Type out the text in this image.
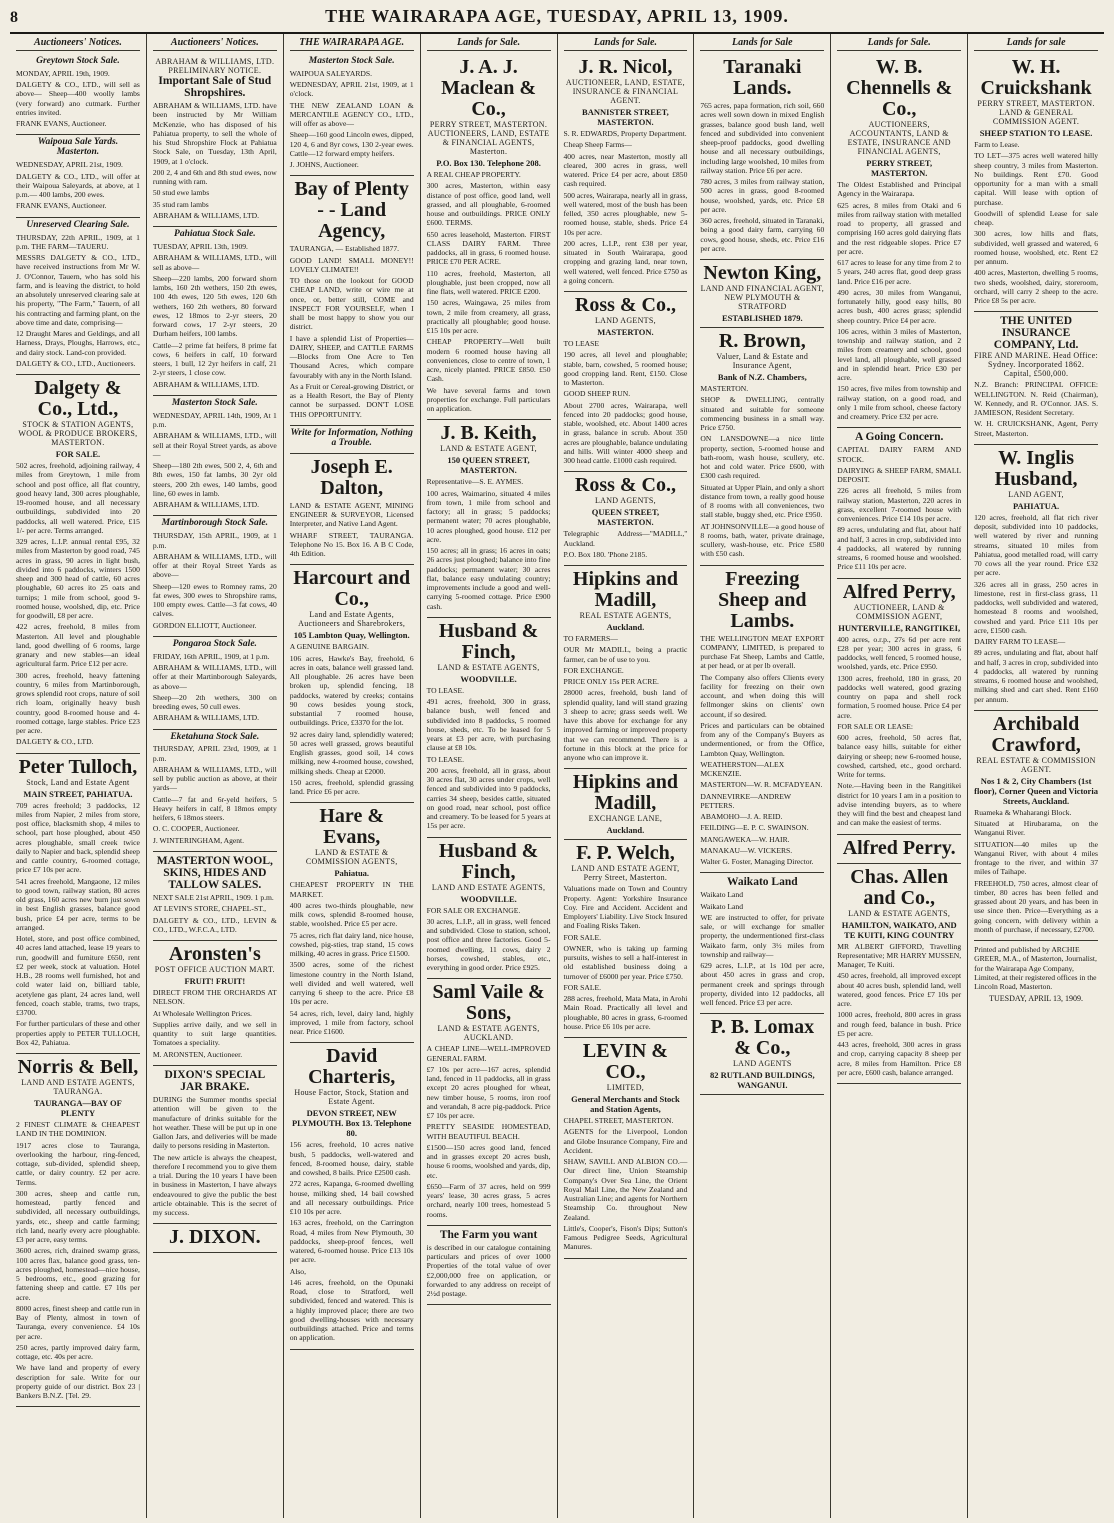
8	THE WAIRARAPA AGE, TUESDAY, APRIL 13, 1909.
Auctioneers' Notices.
Greytown Stock Sale.
MONDAY, APRIL 19th, 1909.
DALGETY & CO., LTD., will sell as above— Sheep—400 woolly lambs (very forward) ano cutmark. Further entries invited.
FRANK EVANS, Auctioneer.
Waipoua Sale Yards. Masterton.
WEDNESDAY, APRIL 21st, 1909.
DALGETY & CO., LTD., will offer at their Waipoua Saleyards, at above, at 1 p.m.— 400 lambs, 200 ewes.
FRANK EVANS, Auctioneer.
Unreserved Clearing Sale.
THURSDAY, 22th APRIL, 1909, at 1 p.m. THE FARM—TAUERU.
MESSRS DALGETY & CO., LTD., have received instructions from Mr W. J. O'Connor, Tauern, who has sold his farm, and is leaving the district, to hold an absolutely unreserved clearing sale at his property, "The Farm," Tauern, of all his contracting and farming plant, on the above time and date, comprising—
12 Draught Mares and Geldings, and all Harness, Drays, Ploughs, Harrows, etc., and dairy stock. Land-con provided.
DALGETY & CO., LTD., Auctioneers.
Dalgety & Co., Ltd.,
STOCK & STATION AGENTS, WOOL & PRODUCE BROKERS, MASTERTON.
FOR SALE.
502 acres, freehold, adjoining railway, 4 miles from Greytown, 1 mile from school and post office, all flat country, good heavy land, 300 acres ploughable, 19-roomed house, and all necessary outbuildings, subdivided into 20 paddocks, all well watered. Price, £15 1/- per acre. Terms arranged.
329 acres, L.I.P. annual rental £95, 32 miles from Masterton by good road, 745 acres in grass, 90 acres in light bush, divided into 6 paddocks, winters 1500 sheep and 300 head of cattle, 60 acres ploughable, 60 acres ito 25 oats and turnips; 1 mile from school, good 9-roomed house, woolshed, dip, etc. Price for goodwill, £8 per acre.
422 acres, freehold, 8 miles from Masterton. All level and ploughable land, good dwelling of 6 rooms, large granary and new stables—an ideal agricultural farm. Price £12 per acre.
300 acres, freehold, heavy fattening country, 6 miles from Martinborough, grows splendid root crops, nature of soil rich loam, originally heavy bush country, good 8-roomed house and 4-roomed cottage, large stables. Price £23 per acre.
DALGETY & CO., LTD.
Peter Tulloch,
Stock, Land and Estate Agent
MAIN STREET, PAHIATUA.
709 acres freehold; 3 paddocks, 12 miles from Napier, 2 miles from store, post office, blacksmith shop, 4 miles to school, part hose ploughed, about 450 acres ploughable, small creek twice daily to Napier and back, splendid sheep and cattle country, 6-roomed cottage, price £7 10s per acre.
541 acres freehold, Mangaone, 12 miles to good town, railway station, 80 acres old grass, 160 acres new burn just sown in best English grasses, balance good bush, price £4 per acre, terms to be arranged.
Hotel, store, and post office combined, 40 acres land attached, lease 19 years to run, goodwill and furniture £650, rent £2 per week, stock at valuation. Hotel H.B., 28 rooms well furnished, hot and cold water laid on, billiard table, acetylene gas plant, 24 acres land, well fenced, coach stable, trams, two traps, £3700.
For further particulars of these and other properties apply to PETER TULLOCH, Box 42, Pahiatua.
Norris & Bell,
LAND AND ESTATE AGENTS, TAURANGA.
TAURANGA—BAY OF PLENTY
2 FINEST CLIMATE & CHEAPEST LAND IN THE DOMINION.
1917 acres close to Tauranga, overlooking the harbour, ring-fenced, cottage, sub-divided, splendid sheep, cattle, or dairy country. £2 per acre. Terms.
300 acres, sheep and cattle run, homestead, partly fenced and subdivided, all necessary outbuildings, yards, etc., sheep and cattle farming; rich land, nearly every acre ploughable. £3 per acre, easy terms.
3600 acres, rich, drained swamp grass, 100 acres flax, balance good grass, ten-acres ploughed, homestead—nice house, 5 bedrooms, etc., good grazing for fattening sheep and cattle. £7 10s per acre.
8000 acres, finest sheep and cattle run in Bay of Plenty, almost in town of Tauranga, every convenience. £4 10s per acre.
250 acres, partly improved dairy farm, cottage, etc. 40s per acre.
We have land and property of every description for sale. Write for our property guide of our district. Box 23 | Bankers B.N.Z. [Tel. 29.
Auctioneers' Notices.
ABRAHAM & WILLIAMS, LTD. PRELIMINARY NOTICE.
Important Sale of Stud Shropshires.
ABRAHAM & WILLIAMS, LTD. have been instructed by Mr William McKenzie, who has disposed of his Pahiatua property, to sell the whole of his Stud Shropshire Flock at Pahiatua Stock Sale, on Tuesday, 13th April, 1909, at 1 o'clock.
200 2, 4 and 6th and 8th stud ewes, now running with ram.
50 stud ewe lambs
35 stud ram lambs
ABRAHAM & WILLIAMS, LTD.
Pahiatua Stock Sale.
TUESDAY, APRIL 13th, 1909.
ABRAHAM & WILLIAMS, LTD., will sell as above—
Sheep—220 lambs, 200 forward shorn lambs, 160 2th wethers, 150 2th ewes, 100 4th ewes, 120 5th ewes, 120 6th wethers, 160 2th wethers, 80 forward ewes, 12 18mos to 2-yr steers, 20 forward cows, 17 2-yr steers, 20 Durham heifers, 100 lambs.
Cattle—2 prime fat heifers, 8 prime fat cows, 6 heifers in calf, 10 forward steers, 1 bull, 12 2yr heifers in calf, 21 2-yr steers, 1 close cow.
ABRAHAM & WILLIAMS, LTD.
Masterton Stock Sale.
WEDNESDAY, APRIL 14th, 1909, At 1 p.m.
ABRAHAM & WILLIAMS, LTD., will sell at their Royal Street yards, as above—
Sheep—180 2th ewes, 500 2, 4, 6th and 8th ewes, 150 fat lambs, 30 2yr old steers, 200 2th ewes, 140 lambs, good line, 60 ewes in lamb.
ABRAHAM & WILLIAMS, LTD.
Martinborough Stock Sale.
THURSDAY, 15th APRIL, 1909, at 1 p.m.
ABRAHAM & WILLIAMS, LTD., will offer at their Royal Street Yards as above—
Sheep—120 ewes to Romney rams, 20 fat ewes, 300 ewes to Shropshire rams, 100 empty ewes. Cattle—3 fat cows, 40 calves.
GORDON ELLIOTT, Auctioneer.
Pongaroa Stock Sale.
FRIDAY, 16th APRIL, 1909, at 1 p.m.
ABRAHAM & WILLIAMS, LTD., will offer at their Martinborough Saleyards, as above—
Sheep—20 2th wethers, 300 on breeding ewes, 50 cull ewes.
ABRAHAM & WILLIAMS, LTD.
Eketahuna Stock Sale.
THURSDAY, APRIL 23rd, 1909, at 1 p.m.
ABRAHAM & WILLIAMS, LTD., will sell by public auction as above, at their yards—
Cattle—7 fat and 6r-yeld heifers, 5 Heavy heifers in calf, 8 18mos empty heifers, 6 18mos steers.
O. C. COOPER, Auctioneer.
J. WINTERINGHAM, Agent.
MASTERTON WOOL, SKINS, HIDES AND TALLOW SALES.
NEXT SALE 21st APRIL, 1909. 1 p.m.
AT LEVIN'S STORE, CHAPEL-ST.,
DALGETY & CO., LTD., LEVIN & CO., LTD., W.F.C.A., LTD.
Aronsten's
POST OFFICE AUCTION MART.
FRUIT! FRUIT!
DIRECT FROM THE ORCHARDS AT NELSON.
At Wholesale Wellington Prices.
Supplies arrive daily, and we sell in quantity to suit large quantities. Tomatoes a speciality.
M. ARONSTEN, Auctioneer.
DIXON'S SPECIAL JAR BRAKE.
DURING the Summer months special attention will be given to the manufacture of drinks suitable for the hot weather. These will be put up in one Gallon Jars, and deliveries will be made daily to persons residing in Masterton.
The new article is always the cheapest, therefore I recommend you to give them a trial. During the 10 years I have been in business in Masterton, I have always endeavoured to give the public the best article obtainable. This is the secret of my success.
J. DIXON.
THE WAIRARAPA AGE.
Masterton Stock Sale.
WAIPOUA SALEYARDS.
WEDNESDAY, APRIL 21st, 1909, at 1 o'clock.
THE NEW ZEALAND LOAN & MERCANTILE AGENCY CO., LTD., will offer as above—
Sheep—160 good Lincoln ewes, dipped, 120 4, 6 and 8yr cows, 130 2-year ewes. Cattle—12 forward empty heifers.
J. JOHNS, Auctioneer.
Bay of Plenty - - Land Agency,
TAURANGA, — Established 1877.
GOOD LAND! SMALL MONEY!! LOVELY CLIMATE!!
TO those on the lookout for GOOD CHEAP LAND, write or wire me at once, or, better still, COME and INSPECT FOR YOURSELF, when I shall be most happy to show you our district.
I have a splendid List of Properties—DAIRY, SHEEP, and CATTLE FARMS—Blocks from One Acre to Ten Thousand Acres, which compare favourably with any in the North Island.
As a Fruit or Cereal-growing District, or as a Health Resort, the Bay of Plenty cannot be surpassed. DON'T LOSE THIS OPPORTUNITY.
Write for Information, Nothing a Trouble.
Joseph E. Dalton,
LAND & ESTATE AGENT, MINING ENGINEER & SURVEYOR, Licensed Interpreter, and Native Land Agent.
WHARF STREET, TAURANGA. Telephone No 15. Box 16. A B C Code, 4th Edition.
Harcourt and Co.,
Land and Estate Agents, Auctioneers and Sharebrokers,
105 Lambton Quay, Wellington.
A GENUINE BARGAIN.
106 acres, Hawke's Bay, freehold, 6 acres in oats, balance well grassed land. All ploughable. 26 acres have been broken up, splendid fencing, 18 paddocks, watered by creeks; contains 90 cows besides young stock, substantial 7 roomed house, outbuildings. Price, £3370 for the lot.
92 acres dairy land, splendidly watered; 50 acres well grassed, grows beautiful English grasses, good soil, 14 cows milking, new 4-roomed house, cowshed, milking sheds. Cheap at £2000.
150 acres, freehold, splendid grassing land. Price £6 per acre.
Hare & Evans,
LAND & ESTATE & COMMISSION AGENTS,
Pahiatua.
CHEAPEST PROPERTY IN THE MARKET.
400 acres two-thirds ploughable, new milk cows, splendid 8-roomed house, stable, woolshed. Price £5 per acre.
75 acres, rich flat dairy land, nice house, cowshed, pig-sties, trap stand, 15 cows milking, 40 acres in grass. Price £1500.
3500 acres, some of the richest limestone country in the North Island, well divided and well watered, well carrying 6 sheep to the acre. Price £8 10s per acre.
54 acres, rich, level, dairy land, highly improved, 1 mile from factory, school near. Price £1600.
David Charteris,
House Factor, Stock, Station and Estate Agent.
DEVON STREET, NEW PLYMOUTH. Box 13. Telephone 80.
156 acres, freehold, 10 acres native bush, 5 paddocks, well-watered and fenced, 8-roomed house, dairy, stable and cowshed, 8 bails. Price £2500 cash.
272 acres, Kapanga, 6-roomed dwelling house, milking shed, 14 bail cowshed and all necessary outbuildings. Price £10 10s per acre.
163 acres, freehold, on the Carrington Road, 4 miles from New Plymouth, 30 paddocks, sheep-proof fences, well watered, 6-roomed house. Price £13 10s per acre.
Also,
146 acres, freehold, on the Opunaki Road, close to Stratford, well subdivided, fenced and watered. This is a highly improved place; there are two good dwelling-houses with necessary outbuildings attached. Price and terms on application.
Lands for Sale.
J. A. J. Maclean & Co.,
PERRY STREET, MASTERTON. AUCTIONEERS, LAND, ESTATE & FINANCIAL AGENTS, Masterton.
P.O. Box 130. Telephone 208.
A REAL CHEAP PROPERTY.
300 acres, Masterton, within easy distance of post office, good land, well grassed, and all ploughable, 6-roomed house and outbuildings. PRICE ONLY £600. TERMS.
650 acres leasehold, Masterton. FIRST CLASS DAIRY FARM. Three paddocks, all in grass, 6 roomed house. PRICE £70 PER ACRE.
110 acres, freehold, Masterton, all ploughable, just been cropped, now all fine flats, well watered. PRICE £200.
150 acres, Waingawa, 25 miles from town, 2 mile from creamery, all grass, practically all ploughable; good house. £15 10s per acre.
CHEAP PROPERTY—Well built modern 6 roomed house having all conveniences, close to centre of town, 1 acre, nicely planted. PRICE £850. £50 Cash.
We have several farms and town properties for exchange. Full particulars on application.
J. B. Keith,
LAND & ESTATE AGENT,
150 QUEEN STREET, MASTERTON.
Representative—S. E. AYMES.
100 acres, Waimarino, situated 4 miles from town, 1 mile from school and factory; all in grass; 5 paddocks; permanent water; 70 acres ploughable, 10 acres ploughed, good house. £12 per acre.
150 acres; all in grass; 16 acres in oats; 26 acres just ploughed; balance into fine paddocks; permanent water; 30 acres flat, balance easy undulating country; improvements include a good and well-carrying 5-roomed cottage. Price £900 cash.
Husband & Finch,
LAND & ESTATE AGENTS,
WOODVILLE.
TO LEASE.
491 acres, freehold, 300 in grass, balance bush, well fenced and subdivided into 8 paddocks, 5 roomed house, sheds, etc. To be leased for 5 years at £3 per acre, with purchasing clause at £8 10s.
TO LEASE.
200 acres, freehold, all in grass, about 30 acres flat, 30 acres under crops, well fenced and subdivided into 9 paddocks, carries 34 sheep, besides cattle, situated on good road, near school, post office and creamery. To be leased for 5 years at 15s per acre.
Husband & Finch,
LAND AND ESTATE AGENTS,
WOODVILLE.
FOR SALE OR EXCHANGE.
30 acres, L.I.P., all in grass, well fenced and subdivided. Close to station, school, post office and three factories. Good 5-roomed dwelling, 11 cows, dairy 2 horses, cowshed, stables, etc., everything in good order. Price £925.
Saml Vaile & Sons,
LAND & ESTATE AGENTS, AUCKLAND.
A CHEAP LINE—WELL-IMPROVED GENERAL FARM.
£7 10s per acre—167 acres, splendid land, fenced in 11 paddocks, all in grass except 20 acres ploughed for wheat, new timber house, 5 rooms, iron roof and verandah, 8 acre pig-paddock. Price £7 10s per acre.
PRETTY SEASIDE HOMESTEAD, WITH BEAUTIFUL BEACH.
£1500—150 acres good land, fenced and in grasses except 20 acres bush, house 6 rooms, woolshed and yards, dip, etc.
£650—Farm of 37 acres, held on 999 years' lease, 30 acres grass, 5 acres orchard, nearly 100 trees, homestead 5 rooms.
The Farm you want
is described in our catalogue containing particulars and prices of over 1000 Properties of the total value of over £2,000,000 free on application, or forwarded to any address on receipt of 2½d postage.
Lands for Sale.
J. R. Nicol,
AUCTIONEER, LAND, ESTATE, INSURANCE & FINANCIAL AGENT.
BANNISTER STREET, MASTERTON.
S. R. EDWARDS, Property Department.
Cheap Sheep Farms—
400 acres, near Masterton, mostly all cleared, 300 acres in grass, well watered. Price £4 per acre, about £850 cash required.
500 acres, Wairarapa, nearly all in grass, well watered, most of the bush has been felled, 350 acres ploughable, new 5-roomed house, stable, sheds. Price £4 10s per acre.
200 acres, L.I.P., rent £38 per year, situated in South Wairarapa, good cropping and grazing land, near town, well watered, well fenced. Price £750 as a going concern.
Ross & Co.,
LAND AGENTS,
MASTERTON.
TO LEASE
190 acres, all level and ploughable; stable, barn, cowshed, 5 roomed house; good cropping land. Rent, £150. Close to Masterton.
GOOD SHEEP RUN.
About 2700 acres, Wairarapa, well fenced into 20 paddocks; good house, stable, woolshed, etc. About 1400 acres in grass, balance in scrub. About 350 acres are ploughable, balance undulating and hills. Will winter 4000 sheep and 300 head cattle. £1000 cash required.
Ross & Co.,
LAND AGENTS,
QUEEN STREET, MASTERTON.
Telegraphic Address—"MADILL," Auckland.
P.O. Box 180. 'Phone 2185.
Hipkins and Madill,
REAL ESTATE AGENTS,
Auckland.
TO FARMERS—
OUR Mr MADILL, being a practic farmer, can be of use to you.
FOR EXCHANGE.
PRICE ONLY 15s PER ACRE.
28000 acres, freehold, bush land of splendid quality, land will stand grazing 3 sheep to acre; grass seeds well. We have this above for exchange for any improved farming or improved property that we can recommend. There is a fortune in this block at the price for anyone who can improve it.
Hipkins and Madill,
EXCHANGE LANE,
Auckland.
F. P. Welch,
LAND AND ESTATE AGENT, Perry Street, Masterton.
Valuations made on Town and Country Property. Agent: Yorkshire Insurance Coy. Fire and Accident. Accident and Employers' Liability. Live Stock Insured and Foaling Risks Taken.
FOR SALE.
OWNER, who is taking up farming pursuits, wishes to sell a half-interest in old established business doing a turnover of £6000 per year. Price £750.
FOR SALE.
288 acres, freehold, Mata Mata, in Arohi Main Road. Practically all level and ploughable, 80 acres in grass, 6-roomed house. Price £6 10s per acre.
LEVIN & CO.,
LIMITED,
General Merchants and Stock and Station Agents,
CHAPEL STREET, MASTERTON.
AGENTS for the Liverpool, London and Globe Insurance Company, Fire and Accident.
SHAW, SAVILL AND ALBION CO.—Our direct line, Union Steamship Company's Over Sea Line, the Orient Royal Mail Line, the New Zealand and Australian Line; and agents for Northern Steamship Co. throughout New Zealand.
Little's, Cooper's, Fison's Dips; Sutton's Famous Pedigree Seeds, Agricultural Manures.
Lands for Sale
Taranaki Lands.
765 acres, papa formation, rich soil, 660 acres well sown down in mixed English grasses, balance good bush land, well fenced and subdivided into convenient sheep-proof paddocks, good dwelling house and all necessary outbuildings, including large woolshed, 10 miles from railway station. Price £6 per acre.
780 acres, 3 miles from railway station, 500 acres in grass, good 8-roomed house, woolshed, yards, etc. Price £8 per acre.
360 acres, freehold, situated in Taranaki, being a good dairy farm, carrying 60 cows, good house, sheds, etc. Price £16 per acre.
Newton King,
LAND AND FINANCIAL AGENT, NEW PLYMOUTH & STRATFORD
ESTABLISHED 1879.
R. Brown,
Valuer, Land & Estate and Insurance Agent,
Bank of N.Z. Chambers,
MASTERTON.
SHOP & DWELLING, centrally situated and suitable for someone commencing business in a small way. Price £750.
ON LANSDOWNE—a nice little property, section, 5-roomed house and bath-room, wash house, scullery, etc. hot and cold water. Price £600, with £300 cash required.
Situated at Upper Plain, and only a short distance from town, a really good house of 8 rooms with all conveniences, two stall stable, buggy shed, etc. Price £950.
AT JOHNSONVILLE—a good house of 8 rooms, bath, water, private drainage, scullery, wash-house, etc. Price £580 with £50 cash.
Freezing Sheep and Lambs.
THE WELLINGTON MEAT EXPORT COMPANY, LIMITED, is prepared to purchase Fat Sheep, Lambs and Cattle, at per head, or at per lb overall.
The Company also offers Clients every facility for freezing on their own account, and when doing this will fellmonger skins on clients' own account, if so desired.
Prices and particulars can be obtained from any of the Company's Buyers as undermentioned, or from the Office, Lambton Quay, Wellington.
WEATHERSTON—ALEX MCKENZIE.
MASTERTON—W. R. MCFADYEAN.
DANNEVIRKE—ANDREW PETTERS.
ABAMOHO—J. A. REID.
FEILDING—E. P. C. SWAINSON.
MANGAWEKA—W. HAIR.
MANAKAU—W. VICKERS.
Walter G. Foster, Managing Director.
Waikato Land
Waikato Land
Waikato Land
WE are instructed to offer, for private sale, or will exchange for smaller property, the undermentioned first-class Waikato farm, only 3½ miles from township and railway—
629 acres, L.I.P., at 1s 10d per acre, about 450 acres in grass and crop, permanent creek and springs through property, divided into 12 paddocks, all well fenced. Price £3 per acre.
P. B. Lomax & Co.,
LAND AGENTS
82 RUTLAND BUILDINGS, WANGANUI.
Lands for Sale.
W. B. Chennells & Co.,
AUCTIONEERS, ACCOUNTANTS, LAND & ESTATE, INSURANCE AND FINANCIAL AGENTS,
PERRY STREET, MASTERTON.
The Oldest Established and Principal Agency in the Wairarapa.
625 acres, 8 miles from Otaki and 6 miles from railway station with metalled road to property, all grassed and comprising 160 acres gold dairying flats and the rest ridgeable slopes. Price £7 per acre.
617 acres to lease for any time from 2 to 5 years, 240 acres flat, good deep grass land. Price £16 per acre.
490 acres, 30 miles from Wanganui, fortunately hilly, good easy hills, 80 acres bush, 400 acres grass; splendid sheep country. Price £4 per acre.
106 acres, within 3 miles of Masterton, township and railway station, and 2 miles from creamery and school, good level land, all ploughable, well grassed and in splendid heart. Price £30 per acre.
150 acres, five miles from township and railway station, on a good road, and only 1 mile from school, cheese factory and creamery. Price £32 per acre.
A Going Concern.
CAPITAL DAIRY FARM AND STOCK.
DAIRYING & SHEEP FARM, SMALL DEPOSIT.
226 acres all freehold, 5 miles from railway station, Masterton, 220 acres in grass, excellent 7-roomed house with conveniences. Price £14 10s per acre.
89 acres, undulating and flat, about half and half, 3 acres in crop, subdivided into 4 paddocks, all watered by running streams, 6 roomed house and woolshed. Price £11 10s per acre.
Alfred Perry,
AUCTIONEER, LAND & COMMISSION AGENT,
HUNTERVILLE, RANGITIKEI,
400 acres, o.r.p., 27s 6d per acre rent £28 per year; 300 acres in grass, 6 paddocks, well fenced, 5 roomed house, woolshed, yards, etc. Price £950.
1300 acres, freehold, 180 in grass, 20 paddocks well watered, good grazing country on papa and shell rock formation, 5 roomed house. Price £4 per acre.
FOR SALE OR LEASE:
600 acres, freehold, 50 acres flat, balance easy hills, suitable for either dairying or sheep; new 6-roomed house, cowshed, cartshed, etc., good orchard. Write for terms.
Note.—Having been in the Rangitikei district for 10 years I am in a position to advise intending buyers, as to where they will find the best and cheapest land and can make the easiest of terms.
Alfred Perry.
Chas. Allen and Co.,
LAND & ESTATE AGENTS,
HAMILTON, WAIKATO, AND TE KUITI, KING COUNTRY
MR ALBERT GIFFORD, Travelling Representative; MR HARRY MUSSEN, Manager, Te Kuiti.
450 acres, freehold, all improved except about 40 acres bush, splendid land, well watered, good fences. Price £7 10s per acre.
1000 acres, freehold, 800 acres in grass and rough feed, balance in bush. Price £5 per acre.
443 acres, freehold, 300 acres in grass and crop, carrying capacity 8 sheep per acre, 8 miles from Hamilton. Price £8 per acre, £600 cash, balance arranged.
Lands for sale
W. H. Cruickshank
PERRY STREET, MASTERTON. LAND & GENERAL COMMISSION AGENT.
SHEEP STATION TO LEASE.
Farm to Lease.
TO LET—375 acres well watered hilly sheep country, 3 miles from Masterton. No buildings. Rent £70. Good opportunity for a man with a small capital. Will lease with option of purchase.
Goodwill of splendid Lease for sale cheap.
300 acres, low hills and flats, subdivided, well grassed and watered, 6 roomed house, woolshed, etc. Rent £2 per annum.
400 acres, Masterton, dwelling 5 rooms, two sheds, woolshed, dairy, storeroom, orchard, will carry 2 sheep to the acre. Price £8 5s per acre.
THE UNITED INSURANCE COMPANY, Ltd.
FIRE AND MARINE. Head Office: Sydney. Incorporated 1862. Capital, £500,000.
N.Z. Branch: PRINCIPAL OFFICE: WELLINGTON. N. Reid (Chairman), W. Kennedy, and R. O'Connor. JAS. S. JAMIESON, Resident Secretary.
W. H. CRUICKSHANK, Agent, Perry Street, Masterton.
W. Inglis Husband,
LAND AGENT,
PAHIATUA.
120 acres, freehold, all flat rich river deposit, subdivided into 10 paddocks, well watered by river and running streams, situated 10 miles from Pahiatua, good metalled road, will carry 70 cows all the year round. Price £32 per acre.
326 acres all in grass, 250 acres in limestone, rest in first-class grass, 11 paddocks, well subdivided and watered, homestead 8 rooms and woolshed, cowshed and yard. Price £11 10s per acre, £1500 cash.
DAIRY FARM TO LEASE—
89 acres, undulating and flat, about half and half, 3 acres in crop, subdivided into 4 paddocks, all watered by running streams, 6 roomed house and woolshed, milking shed and cart shed. Rent £160 per annum.
Archibald Crawford,
REAL ESTATE & COMMISSION AGENT.
Nos 1 & 2, City Chambers (1st floor), Corner Queen and Victoria Streets, Auckland.
Ruameka & Whaharangi Block.
Situated at Hirubarama, on the Wanganui River.
SITUATION—40 miles up the Wanganui River, with about 4 miles frontage to the river, and within 37 miles of Taihape.
FREEHOLD, 750 acres, almost clear of timber, 80 acres has been felled and grassed about 20 years, and has been in use since then. Price—Everything as a going concern, with delivery within a month of purchase, if necessary, £2700.
Printed and published by ARCHIE GREER, M.A., of Masterton, Journalist, for the Wairarapa Age Company, Limited, at their registered offices in the Lincoln Road, Masterton.
TUESDAY, APRIL 13, 1909.
